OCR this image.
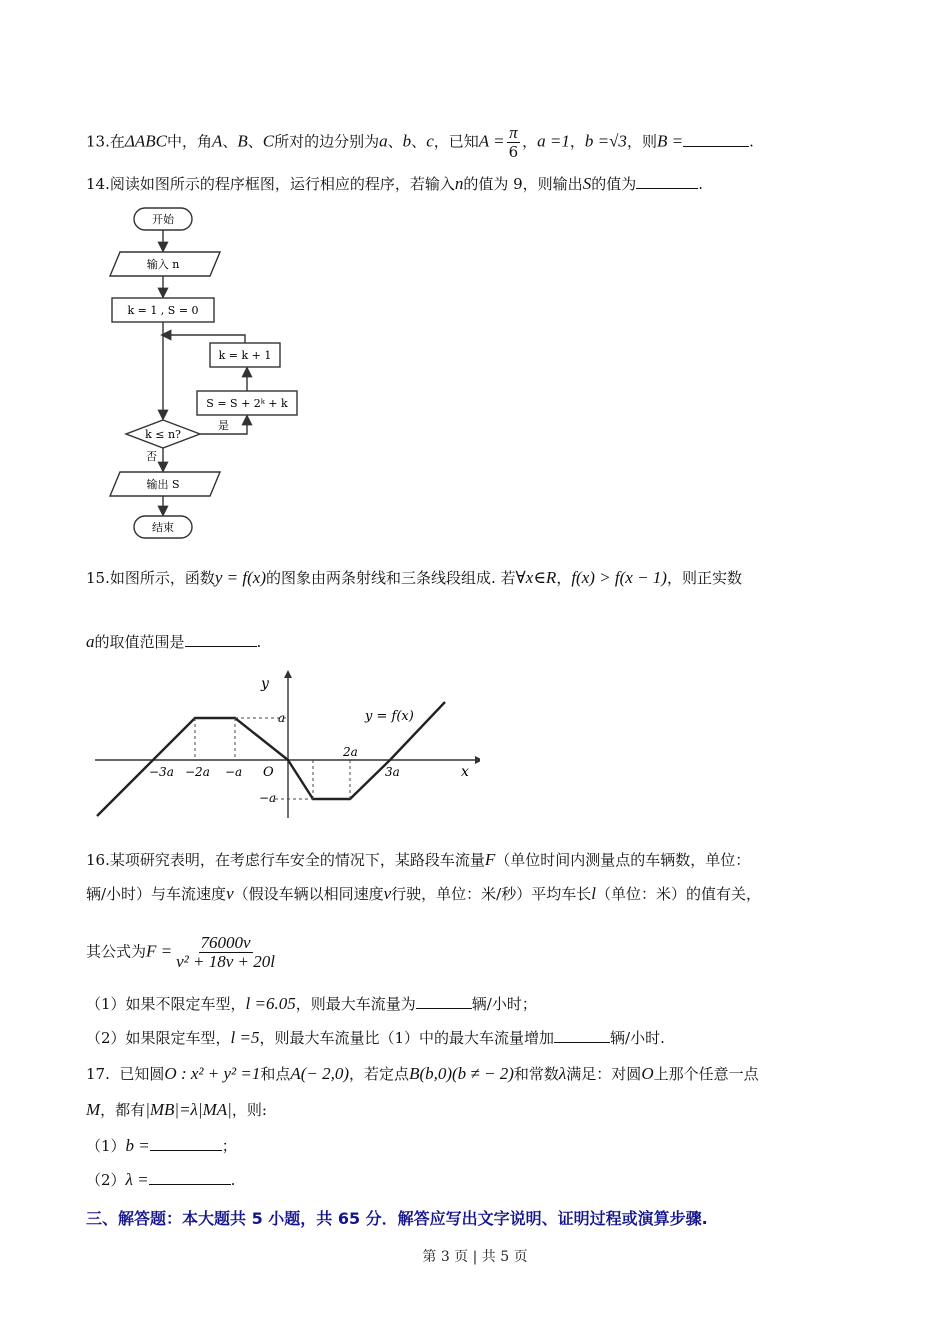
13.在ΔABC中，角A、B、C所对的边分别为a、b、c，已知$A = \frac{\pi}{6}$ ，a =1，b =√3，则B =	.
14.阅读如图所示的程序框图，运行相应的程序，若输入n的值为 9，则输出S的值为	.
开始
输入 n
k = 1 , S = 0
k = k + 1
S = S + 2ᵏ + k
k ≤ n?
是
否
输出 S
结束
15.如图所示，函数y = f(x)的图象由两条射线和三条线段组成. 若∀x∈R，f(x) > f(x − 1)，则正实数
a的取值范围是	.
y
x
O
−3a −2a −a
2a
3a
a
−a
y = f(x)
16.某项研究表明，在考虑行车安全的情况下，某路段车流量F（单位时间内测量点的车辆数，单位：
辆/小时）与车流速度v（假设车辆以相同速度v行驶，单位：米/秒）平均车长l（单位：米）的值有关，
其公式为$F = \frac{76000v}{\text{v² + 18v + 20l}}$
（1）如果不限定车型，l =6.05，则最大车流量为	辆/小时；
（2）如果限定车型，l =5，则最大车流量比（1）中的最大车流量增加	辆/小时.
17. 已知圆O : x² + y² =1和点A(− 2,0)，若定点B(b,0)(b ≠ − 2)和常数λ满足：对圆O上那个任意一点
M，都有|MB|=λ|MA|，则:
（1）b =	；
（2）λ =	.
三、解答题：本大题共 5 小题，共 65 分．解答应写出文字说明、证明过程或演算步骤.
第 3 页 | 共 5 页
